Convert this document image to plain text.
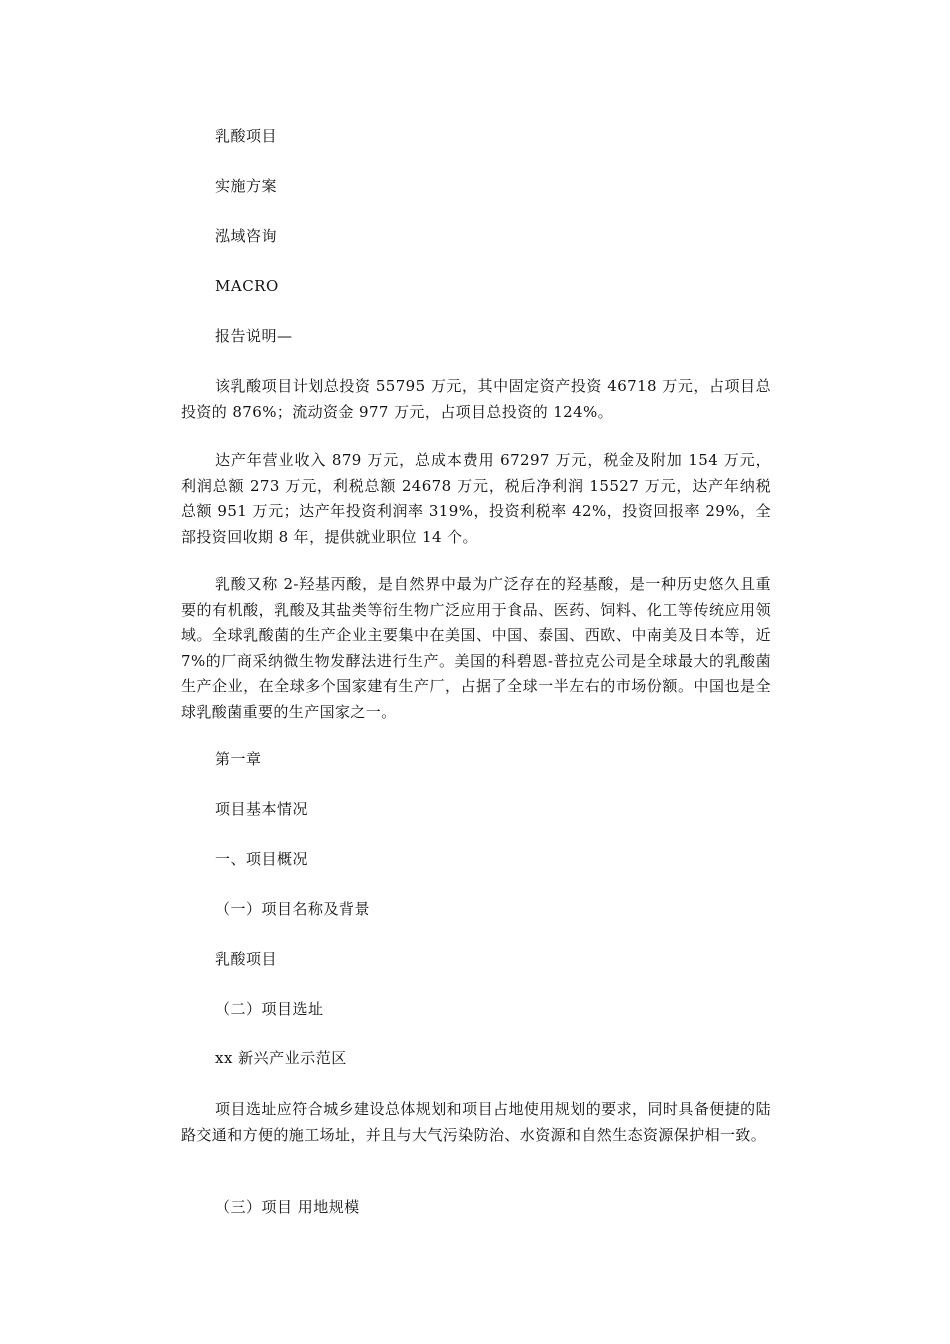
乳酸项目
实施方案
泓域咨询
MACRO
报告说明—

该乳酸项目计划总投资 55795 万元，其中固定资产投资 46718 万元，占项目总投资的 876%；流动资金 977 万元，占项目总投资的 124%。

达产年营业收入 879 万元，总成本费用 67297 万元，税金及附加 154 万元，利润总额 273 万元，利税总额 24678 万元，税后净利润 15527 万元，达产年纳税总额 951 万元；达产年投资利润率 319%，投资利税率 42%，投资回报率 29%，全部投资回收期 8 年，提供就业职位 14 个。

乳酸又称 2-羟基丙酸，是自然界中最为广泛存在的羟基酸，是一种历史悠久且重要的有机酸，乳酸及其盐类等衍生物广泛应用于食品、医药、饲料、化工等传统应用领域。全球乳酸菌的生产企业主要集中在美国、中国、泰国、西欧、中南美及日本等，近 7%的厂商采纳微生物发酵法进行生产。美国的科碧恩-普拉克公司是全球最大的乳酸菌生产企业，在全球多个国家建有生产厂，占据了全球一半左右的市场份额。中国也是全球乳酸菌重要的生产国家之一。

第一章
项目基本情况
一、项目概况
（一）项目名称及背景
乳酸项目
（二）项目选址
xx 新兴产业示范区

项目选址应符合城乡建设总体规划和项目占地使用规划的要求，同时具备便捷的陆路交通和方便的施工场址，并且与大气污染防治、水资源和自然生态资源保护相一致。

（三）项目 用地规模
